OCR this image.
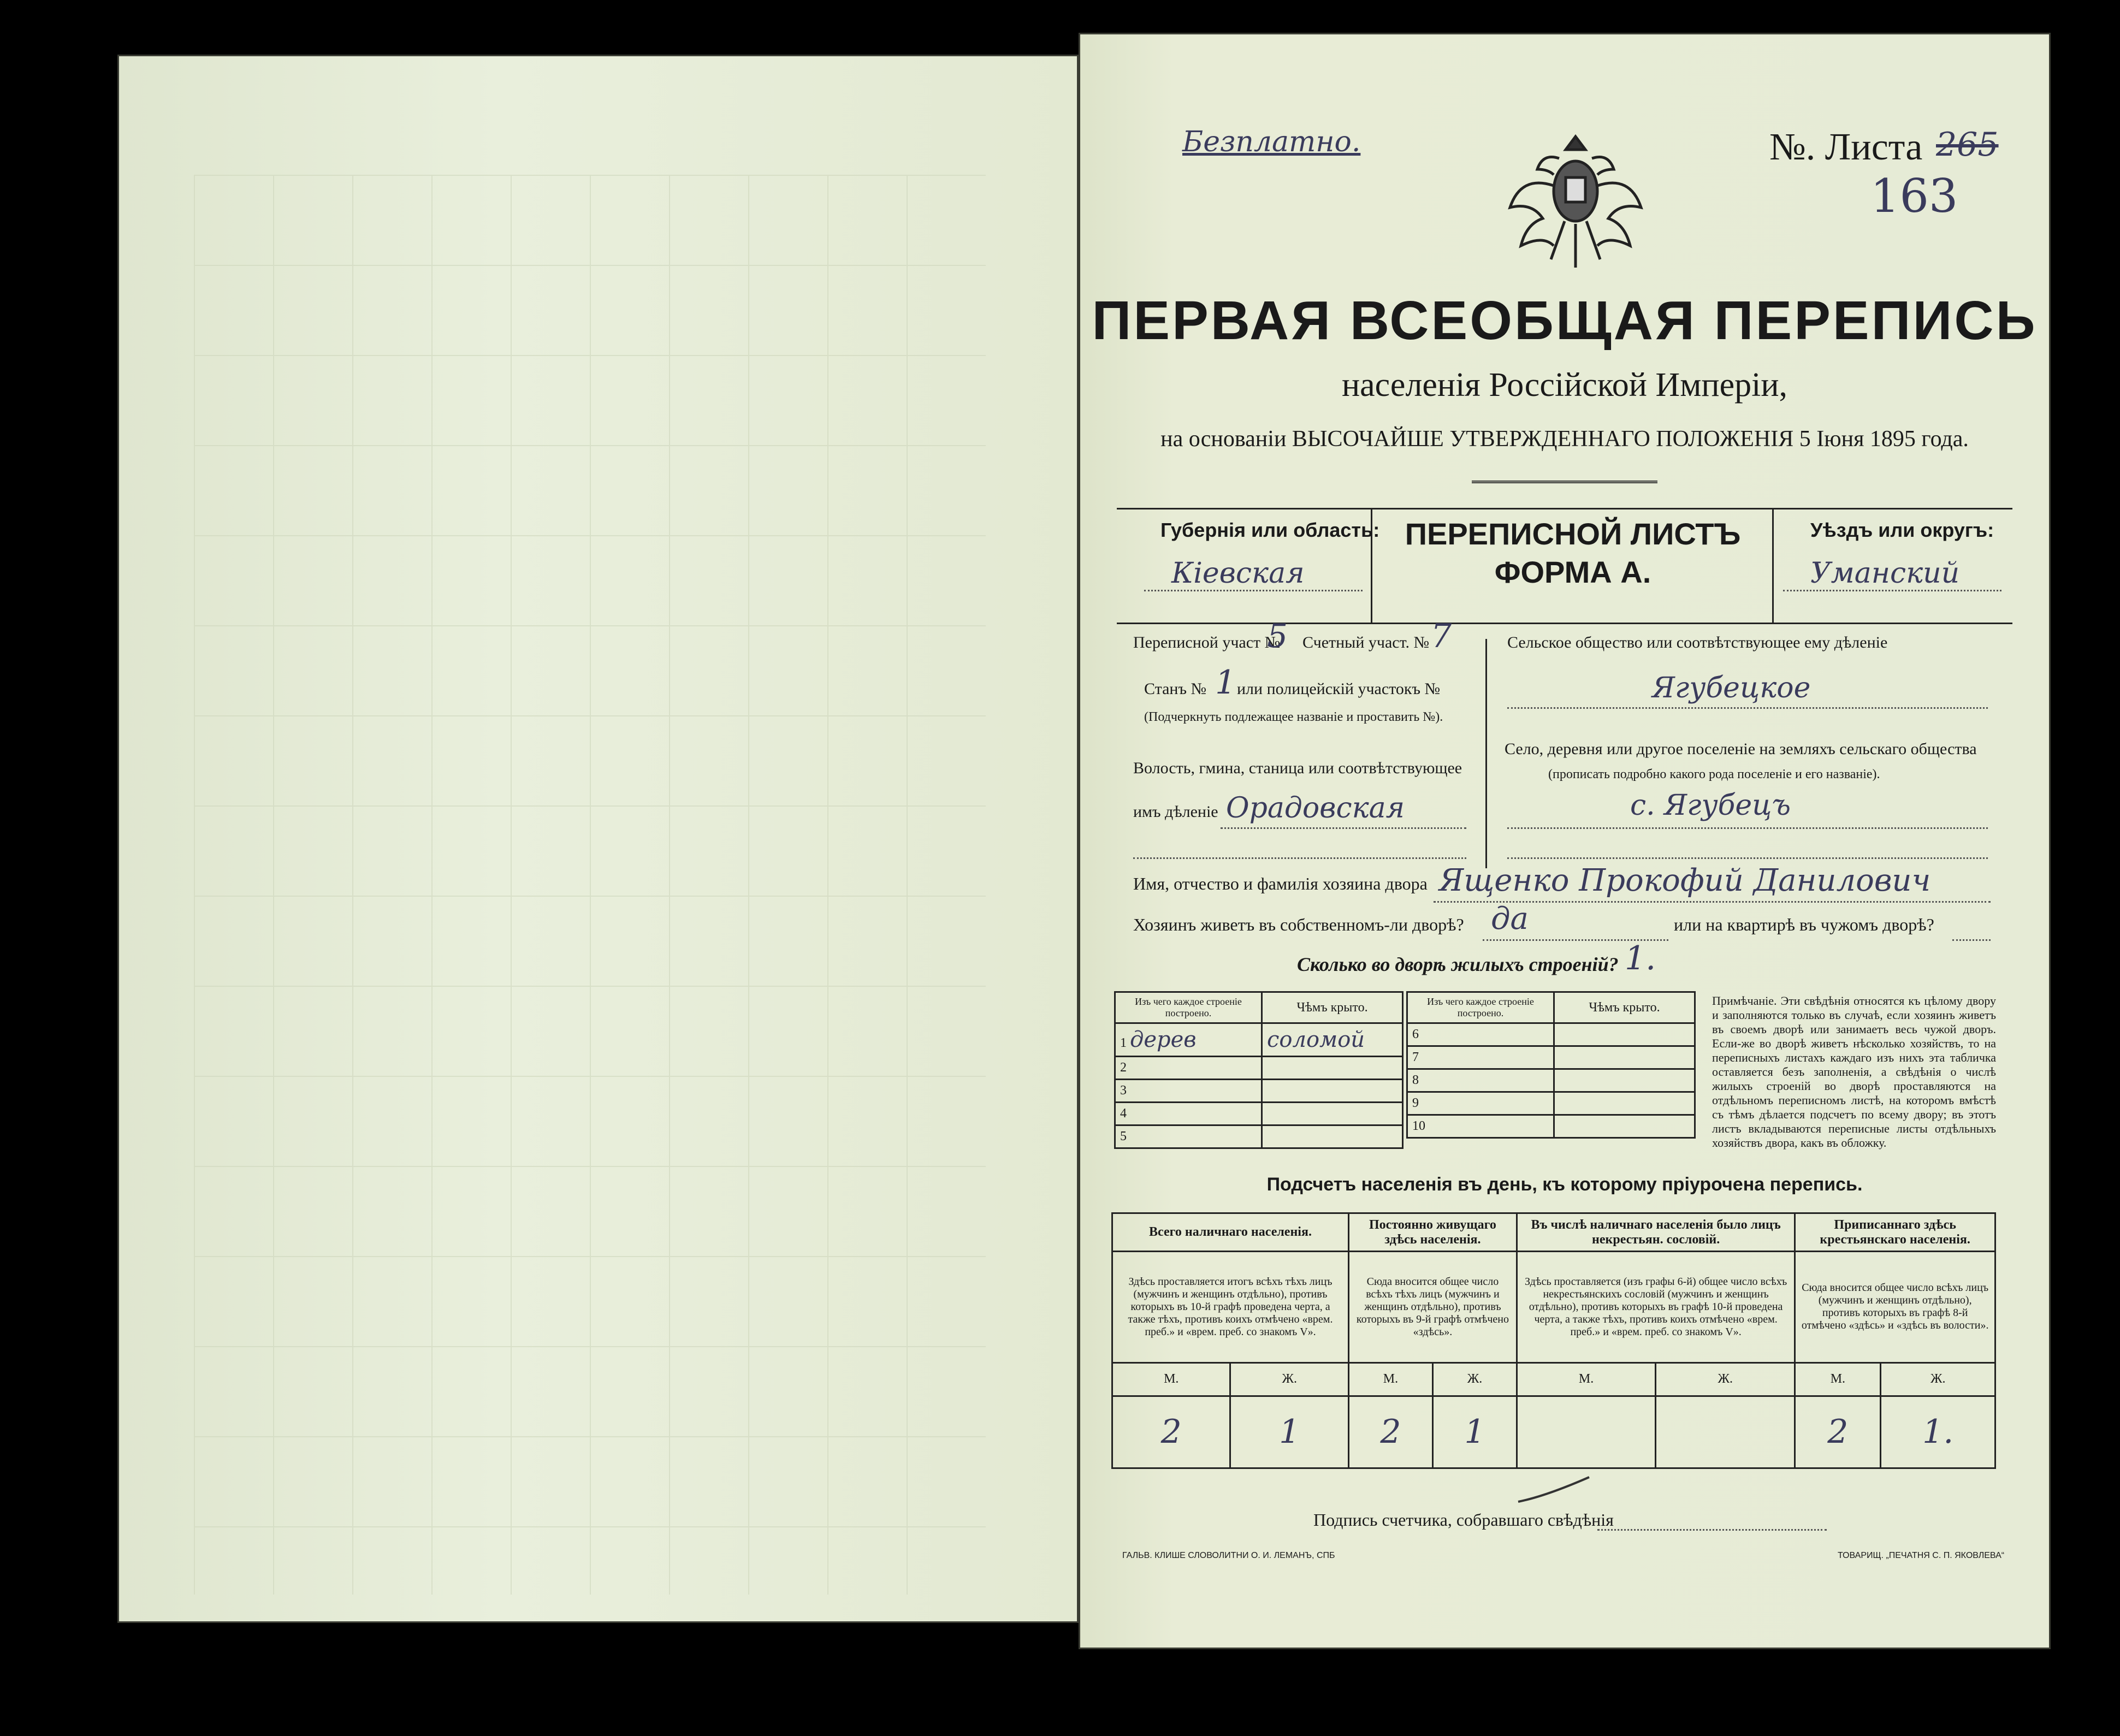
Безплатно.	№. Листа 265
163
ПЕРВАЯ ВСЕОБЩАЯ ПЕРЕПИСЬ
населенія Россійской Имперіи,
на основаніи ВЫСОЧАЙШЕ УТВЕРЖДЕННАГО ПОЛОЖЕНІЯ 5 Іюня 1895 года.
Губернія или область:
Кіевская
ПЕРЕПИСНОЙ ЛИСТЪ
ФОРМА А.
Уѣздъ или округъ:
Уманский
Переписной участ №
5 Счетный участ. № 7
Станъ № 1 или полицейскій участокъ №
(Подчеркнуть подлежащее названіе и проставить №).
Волость, гмина, станица или соотвѣтствующее
имъ дѣленіе Орадовская
Сельское общество или соотвѣтствующее ему дѣленіе
Ягубецкое
Село, деревня или другое поселеніе на земляхъ сельскаго общества
(прописать подробно какого рода поселеніе и его названіе).
с. Ягубецъ
Имя, отчество и фамилія хозяина двора Ященко Прокофий Данилович
Хозяинъ живетъ въ собственномъ-ли дворѣ? да	или на квартирѣ въ чужомъ дворѣ?
Сколько во дворѣ жилыхъ строеній? 1.
Изъ чего каждое строеніе построено.	Чѣмъ крыто.
1 дерев	соломой
2	
3	
4	
5	
Изъ чего каждое строеніе построено.	Чѣмъ крыто.
6	
7	
8	
9	
10	
Примѣчаніе. Эти свѣдѣнія относятся къ цѣлому двору и заполняются только въ случаѣ, если хозяинъ живетъ въ своемъ дворѣ или занимаетъ весь чужой дворъ. Если-же во дворѣ живетъ нѣсколько хозяйствъ, то на переписныхъ листахъ каждаго изъ нихъ эта табличка оставляется безъ заполненія, а свѣдѣнія о числѣ жилыхъ строеній во дворѣ проставляются на отдѣльномъ переписномъ листѣ, на которомъ вмѣстѣ съ тѣмъ дѣлается подсчетъ по всему двору; въ этотъ листъ вкладываются переписные листы отдѣльныхъ хозяйствъ двора, какъ въ обложку.
Подсчетъ населенія въ день, къ которому пріурочена перепись.
Всего наличнаго населенія.		Постоянно живущаго здѣсь населенія.		Въ числѣ наличнаго населенія было лицъ некрестьян. сословій.		Приписаннаго здѣсь крестьянскаго населенія.	
Здѣсь проставляется итогъ всѣхъ тѣхъ лицъ (мужчинъ и женщинъ отдѣльно), противъ которыхъ въ 10-й графѣ проведена черта, а также тѣхъ, противъ коихъ отмѣчено «врем. преб.» и «врем. преб. со знакомъ V».		Сюда вносится общее число всѣхъ тѣхъ лицъ (мужчинъ и женщинъ отдѣльно), противъ которыхъ въ 9-й графѣ отмѣчено «здѣсь».		Здѣсь проставляется (изъ графы 6-й) общее число всѣхъ некрестьянскихъ сословій (мужчинъ и женщинъ отдѣльно), противъ которыхъ въ графѣ 10-й проведена черта, а также тѣхъ, противъ коихъ отмѣчено «врем. преб.» и «врем. преб. со знакомъ V».		Сюда вносится общее число всѣхъ лицъ (мужчинъ и женщинъ отдѣльно), противъ которыхъ въ графѣ 8-й отмѣчено «здѣсь» и «здѣсь въ волости».	
М.	Ж.	М.	Ж.	М.	Ж.	М.	Ж.
2	1	2	1			2	1.
Подпись счетчика, собравшаго свѣдѣнія
ГАЛЬВ. КЛИШЕ СЛОВОЛИТНИ О. И. ЛЕМАНЪ, СПБ	ТОВАРИЩ. „ПЕЧАТНЯ С. П. ЯКОВЛЕВА“
